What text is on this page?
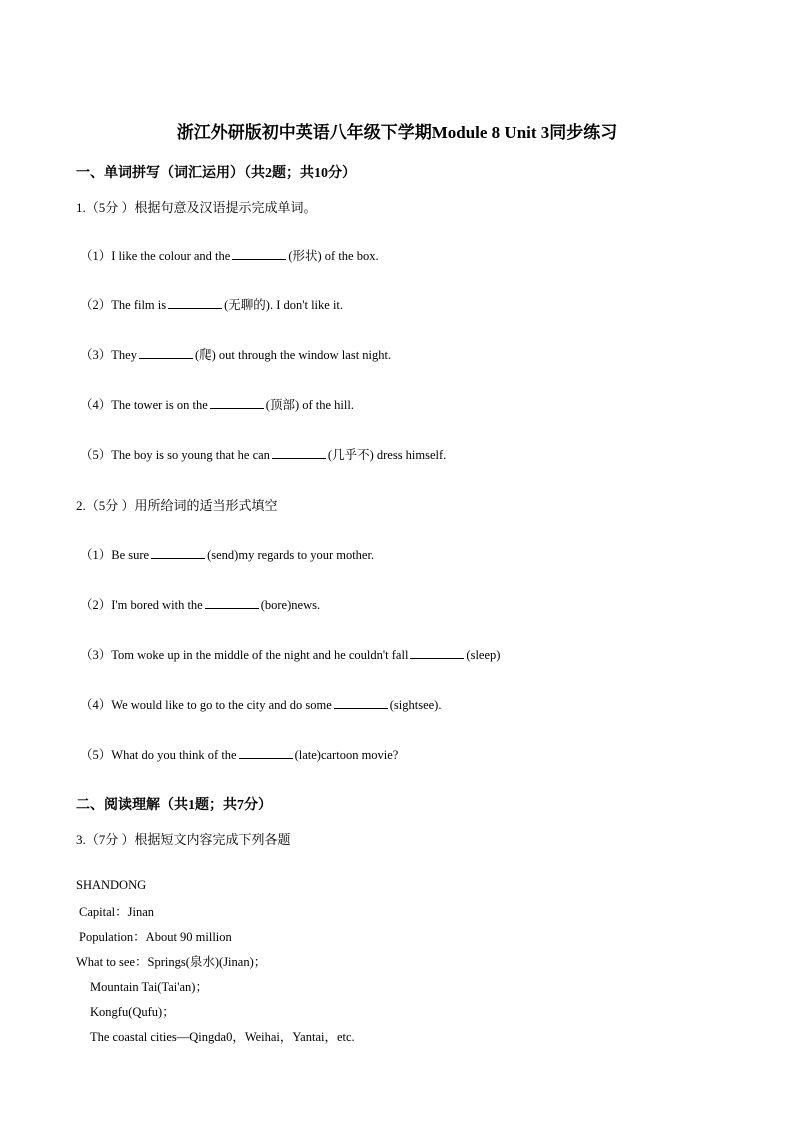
浙江外研版初中英语八年级下学期Module 8 Unit 3同步练习
一、单词拼写（词汇运用）（共2题；共10分）
1.（5分 ）根据句意及汉语提示完成单词。
（1）I like the colour and the	(形状) of the box.
（2）The film is	(无聊的). I don't like it.
（3）They	(爬) out through the window last night.
（4）The tower is on the	(顶部) of the hill.
（5）The boy is so young that he can	(几乎不) dress himself.
2.（5分 ）用所给词的适当形式填空
（1）Be sure	(send)my regards to your mother.
（2）I'm bored with the	(bore)news.
（3）Tom woke up in the middle of the night and he couldn't fall	(sleep)
（4）We would like to go to the city and do some	(sightsee).
（5）What do you think of the	(late)cartoon movie?
二、阅读理解（共1题；共7分）
3.（7分 ）根据短文内容完成下列各题
SHANDONG
Capital：Jinan
Population：About 90 million
What to see：Springs(泉水)(Jinan)；
Mountain Tai(Tai'an)；
Kongfu(Qufu)；
The coastal cities—Qingda0，Weihai，Yantai，etc.
